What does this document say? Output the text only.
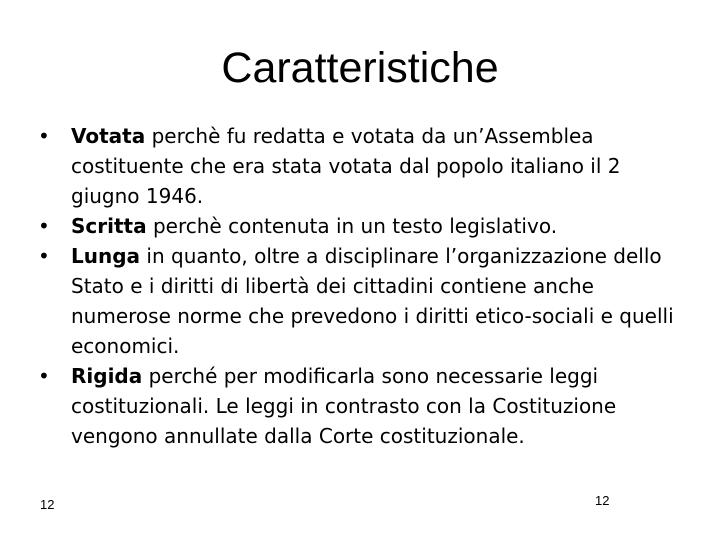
Caratteristiche
•	Votata perchè fu redatta e votata da un’Assemblea costituente che era stata votata dal popolo italiano il 2 giugno 1946.
•	Scritta perchè contenuta in un testo legislativo.
•	Lunga in quanto, oltre a disciplinare l’organizzazione dello Stato e i diritti di libertà dei cittadini contiene anche numerose norme che prevedono i diritti etico-sociali e quelli economici.
•	Rigida perché per modificarla sono necessarie leggi costituzionali. Le leggi in contrasto con la Costituzione vengono annullate dalla Corte costituzionale.
12	12
